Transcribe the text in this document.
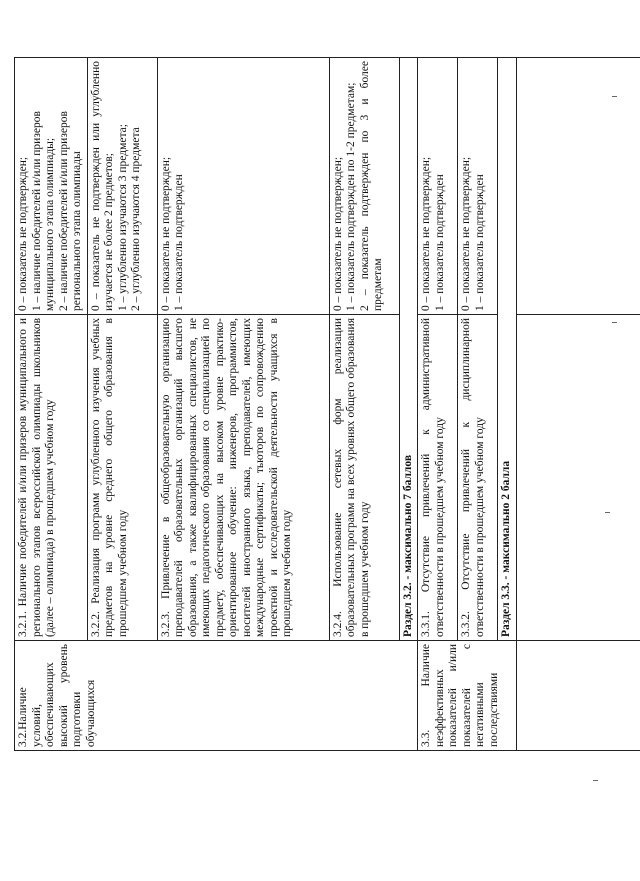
3.2.Наличие условий, обеспечивающих высокий уровень подготовки обучающихся	3.2.1. Наличие победителей и/или призеров муниципального и регионального этапов всероссийской олимпиады школьников (далее – олимпиада) в прошедшем учебном году	0 – показатель не подтвержден; 1 – наличие победителей и/или призеров муниципального этапа олимпиады; 2 – наличие победителей и/или призеров регионального этапа олимпиады

	3.2.2. Реализация программ углубленного изучения учебных предметов на уровне среднего общего образования в прошедшем учебном году	0 – показатель не подтвержден или углубленно изучается не более 2 предметов; 1 – углубленно изучаются 3 предмета; 2 – углубленно изучаются 4 предмета

	3.2.3. Привлечение в общеобразовательную организацию преподавателей образовательных организаций высшего образования, а также квалифицированных специалистов, не имеющих педагогического образования со специализацией по предмету, обеспечивающих на высоком уровне практико-ориентированное обучение: инженеров, программистов, носителей иностранного языка, преподавателей, имеющих международные сертификаты; тьюторов по сопровождению проектной и исследовательской деятельности учащихся в прошедшем учебном году	0 – показатель не подтвержден; 1 – показатель подтвержден

	3.2.4. Использование сетевых форм реализации образовательных программ на всех уровнях общего образования в прошедшем учебном году	0 – показатель не подтвержден; 1 – показатель подтвержден по 1-2 предметам; 2 – показатель подтвержден по 3 и более предметам

	Раздел 3.2. - максимально 7 баллов	
3.3. Наличие неэффективных показателей и/или показателей с негативными последствиями	3.3.1. Отсутствие привлечений к административной ответственности в прошедшем учебном году	0 – показатель не подтвержден; 1 – показатель подтвержден

	3.3.2. Отсутствие привлечений к дисциплинарной ответственности в прошедшем учебном году	0 – показатель не подтвержден; 1 – показатель подтвержден

	Раздел 3.3. - максимально 2 балла	
